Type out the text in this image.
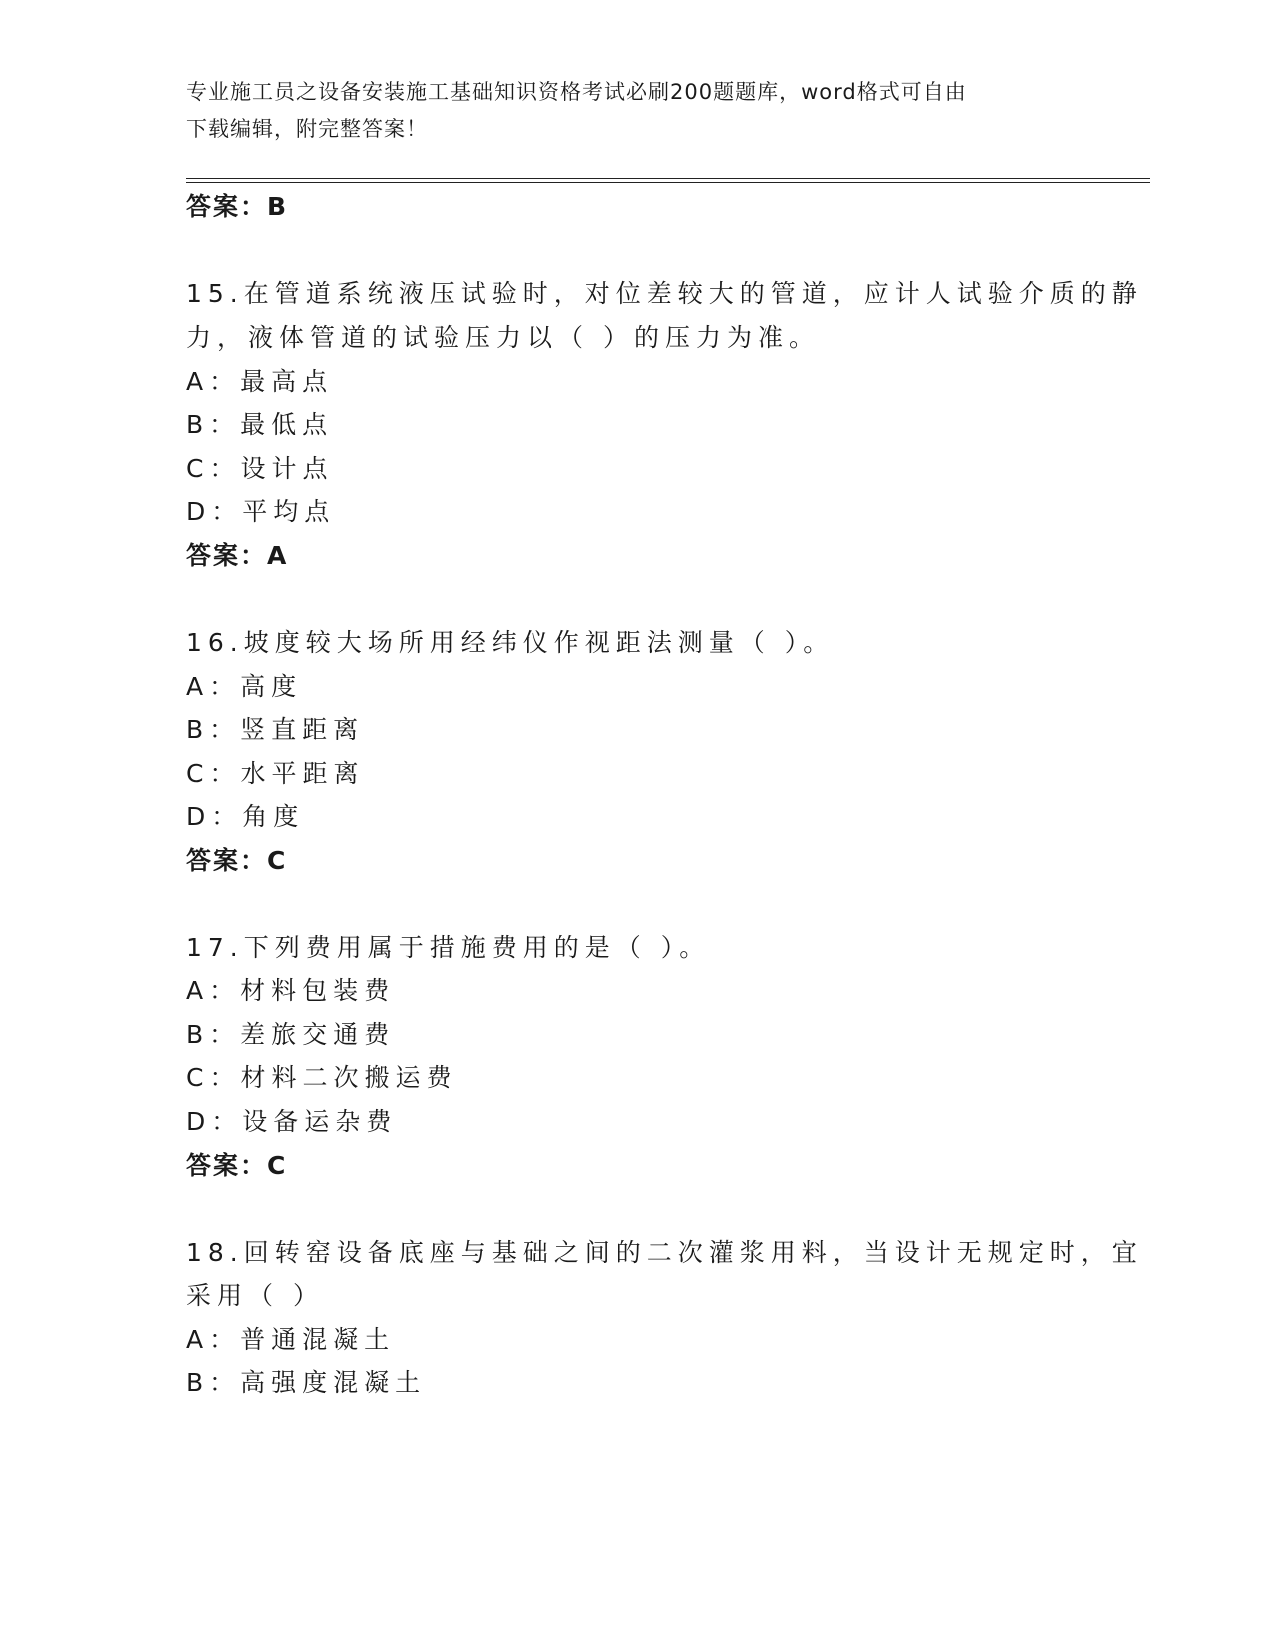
专业施工员之设备安装施工基础知识资格考试必刷200题题库，word格式可自由
下载编辑，附完整答案！
答案：B
15.在管道系统液压试验时，对位差较大的管道，应计人试验介质的静
力，液体管道的试验压力以（ ）的压力为准。
A：最高点
B：最低点
C：设计点
D：平均点
答案：A
16.坡度较大场所用经纬仪作视距法测量（ ）。
A：高度
B：竖直距离
C：水平距离
D：角度
答案：C
17.下列费用属于措施费用的是（ ）。
A：材料包装费
B：差旅交通费
C：材料二次搬运费
D：设备运杂费
答案：C
18.回转窑设备底座与基础之间的二次灌浆用料，当设计无规定时，宜
采用（ ）
A：普通混凝土
B：高强度混凝土
